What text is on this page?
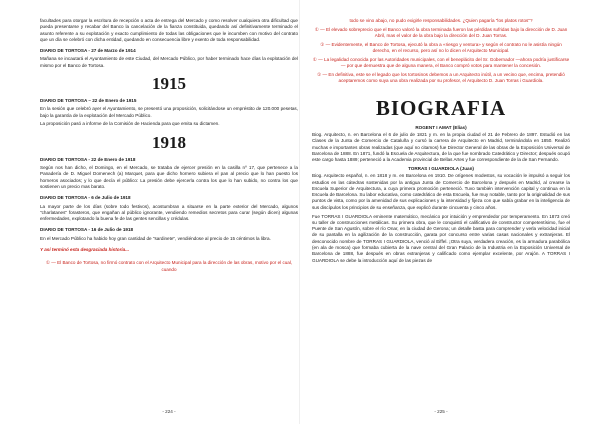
facultades para otorgar la escritura de recepción o acta de entrega del Mercado y como resolver cualquiera otra dificultad que pueda presentarse y recabar del Banco la cancelación de la fianza constituida, quedando así definitivamente terminado el asunto referente a su explotación y exacto cumplimiento de todas las obligaciones que le incumben con motivo del contrato que un día se celebró con dicha entidad, quedando en consecuencia libre y exento de toda responsabilidad.

DIARIO DE TORTOSA - 27 de Marzo de 1914

Mañana se incautará el Ayuntamiento de este Ciudad, del Mercado Público, por haber terminado hace días la explotación del mismo por el Banco de Tortosa.

1915
DIARIO DE TORTOSA – 22 de Enero de 1915

En la sesión que celebró ayer el Ayuntamiento, se presentó una proposición, solicitándose un empréstito de 120.000 pesetas, bajo la garantía de la explotación del Mercado Público.

La proposición pasó a informe de la Comisión de Hacienda para que emita su dictamen.

1918
DIARIO DE TORTOSA - 22 de Enero de 1918

Según nos han dicho, el Domingo, en el Mercado, se trataba de ejercer presión en la casilla nº 17, que pertenece a la Panadería de D. Miguel Domenech (a) Marquet, para que dicho hornero subiera el pan al precio que lo han puesto los horneros asociados; y lo que decía el público: La presión debe ejercerla contra los que lo han subido, no contra los que sostienen un precio mas barato.

DIARIO DE TORTOSA - 6 de Julio de 1918

La mayor parte de los días (sobre todo festivos), acostumbran a situarse en la parte exterior del Mercado, algunos "charlatanes" forasteros, que engañan al público ignorante, vendiendo remedios secretos para curar (según dicen) algunas enfermedades, explotando la buena fe de las gentes sencillas y crédulas.

DIARIO DE TORTOSA - 16 de Julio de 1918

En el Mercado Público ha habido hoy gran cantidad de "sardinete", vendiéndose al precio de 15 céntimos la libra.

Y así terminó esta desgraciada historia...
① — El Banco de Tortosa, no firmó contrato con el Arquitecto Municipal para la dirección de las obras, motivo por el cual, cuando
- 224 -

todo se vino abajo, no pudo exigirle responsabilidades. ¿Quien pagaría "los platos rotos"?

① — El elevado sobreprecio que el Banco valoró la obra terminada fueron las pérdidas sufridas bajo la dirección de D. Juan Abril, mas el valor de la obra bajo la dirección del D. Juan Torras.

① — Evidentemente, el Banco de Tortosa, ejecutó la obra a «riesgo y ventura» y según el contrato no le asistía ningún derecho, en el recurso, pero así no lo dicen el Arquitecto Municipal.

① — La legalidad conocida por las Autoridades municipales, con el beneplácito del Sr. Gobernador —ahora podría justificarse— por que demuestra que de alguna manera, el Banco compró votos para mantener la concesión.

① — En definitiva, este se el legado que los tortosinos debemos a un Arquitecto inútil, a un vecino que, encima, pretendió aceptaremos como suya una obra realizada por su profesor, el Arquitecto D. Juan Torras i Guardiola.

BIOGRAFIA
ROGENT I AMAT (Elías)

Biog. Arquitecto, n. en Barcelona el 6 de julio de 1821 y m. en la propia ciudad el 21 de Febrero de 1897. Estudió en las Clases de la Junta de Comercio de Cataluña y cursó la carrera de Arquitecto en Madrid, terminándola en 1850. Realizó muchas e importantes obras realizadas (que aquí no citamos) fue Director General de las obras de la Exposición Universal de Barcelona de 1888. En 1871, fundó la Escuela de Arquitectura, de la que fue nombrado Catedrático y Director; después ocupó este cargo hasta 1889; perteneció a la Academia provincial de Bellas Artes y fue correspondiente de la de San Fernando.

TORRAS I GUARDIOLA (Juan)

Biog. Arquitecto español, n. en 1818 y m. en Barcelona en 1910. De orígenes modestos, su vocación le impulsó a seguir los estudios en las cátedras sostenidas por la antigua Junta de Comercio de Barcelona y después en Madrid, al crearse la Escuela Superior de Arquitectura, a cuya primera promoción perteneció. Tuvo también intervención capital y continua en la Escuela de Barcelona. Su labor educativa, como catedrático de esta Escuela, fue muy notable, tanto por la originalidad de sus puntos de vista, como por la amenidad de sus explicaciones y la intensidad y fijeza con que sabía grabar en la inteligencia de sus discípulos los principios de su enseñanza, que explicó durante cincuenta y cinco años.

Fue TORRAS I GUARDIOLA eminente matemático, mecánico por intuición y emprendedor por temperamento. En 1873 creó su taller de construcciones metálicas. Su primera obra, que le conquistó el calificativo de constructor competentísimo, fue el Puente de San Agustín, sobre el río Onar, en la ciudad de Gerona; un detalle basta para comprender y verla velocidad inicial de su pantalla en la agilización de la construcción, garata por concurso entre varias casas nacionales y extranjeras. El desconocido nombre de TORRAS I GUARDIOLA, venció al Eiffel. ¡Otra suya, verdadera creación, es la armadura parabólica (en ala de mosca) que formaba cubierta de la nave central del Gran Palacio de la Industria en la Exposición Universal de Barcelona de 1888, fue después en obras extranjeras y calificado como ejemplar excelente, por Arajón. A TORRAS I GUARDIOLA se debe la introducción aquí de las piezas de

- 225 -
